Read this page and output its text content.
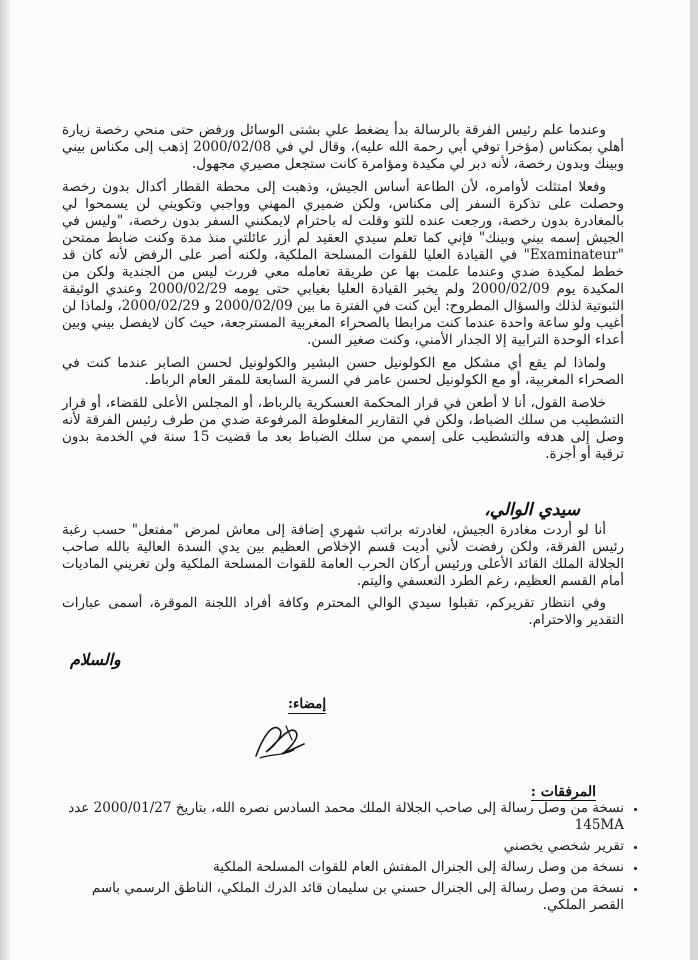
وعندما علم رئيس الفرقة بالرسالة بدأ يضغط علي بشتى الوسائل ورفض حتى منحي رخصة زيارة أهلي بمكناس (مؤخرا توفي أبي رحمة الله عليه)، وقال لي في 2000/02/08 إذهب إلى مكناس بيني وبينك وبدون رخصة، لأنه دبر لي مكيدة ومؤامرة كانت ستجعل مصيري مجهول.

وفعلا امتثلت لأوامره، لأن الطاعة أساس الجيش، وذهبت إلى محطة القطار أكدال بدون رخصة وحصلت على تذكرة السفر إلى مكناس، ولكن ضميري المهني وواجبي وتكويني لن يسمحوا لي بالمغادرة بدون رخصة، ورجعت عنده للتو وقلت له باحترام لايمكنني السفر بدون رخصة، "وليس في الجيش إسمه بيني وبينك" فإني كما تعلم سيدي العقيد لم أزر عائلتي منذ مدة وكنت ضابط ممتحن "Examinateur" في القيادة العليا للقوات المسلحة الملكية، ولكنه أصر على الرفض لأنه كان قد خطط لمكيدة ضدي وعندما علمت بها عن طريقة تعامله معي فررت ليس من الجندية ولكن من المكيدة يوم 2000/02/09 ولم يخبر القيادة العليا بغيابي حتى يومه 2000/02/29 وعندي الوثيقة الثبوتية لذلك والسؤال المطروح: أين كنت في الفترة ما بين 2000/02/09 و 2000/02/29، ولماذا لن أغيب ولو ساعة واحدة عندما كنت مرابطا بالصحراء المغربية المسترجعة، حيث كان لايفصل بيني وبين أعداء الوحدة الترابية إلا الجدار الأمني، وكنت صغير السن.

ولماذا لم يقع أي مشكل مع الكولونيل حسن البشير والكولونيل لحسن الصابر عندما كنت في الصحراء المغربية، أو مع الكولونيل لحسن عامر في السرية السابعة للمقر العام الرباط.

خلاصة القول، أنا لا أطعن في قرار المحكمة العسكرية بالرباط، أو المجلس الأعلى للقضاء، أو قرار التشطيب من سلك الضباط، ولكن في التقارير المغلوطة المرفوعة ضدي من طرف رئيس الفرقة لأنه وصل إلى هدفه والتشطيب على إسمي من سلك الضباط بعد ما قضيت 15 سنة في الخدمة بدون ترقية أو أجرة.

سيدي الوالي،

أنا لو أردت مغادرة الجيش، لغادرته براتب شهري إضافة إلى معاش لمرض "مفتعل" حسب رغبة رئيس الفرقة، ولكن رفضت لأني أديت قسم الإخلاص العظيم بين يدي السدة العالية بالله صاحب الجلالة الملك القائد الأعلى ورئيس أركان الحرب العامة للقوات المسلحة الملكية ولن تغريني الماديات أمام القسم العظيم، رغم الطرد التعسفي واليتم.

وفي انتظار تقريركم، تقبلوا سيدي الوالي المحترم وكافة أفراد اللجنة الموقرة، أسمى عبارات التقدير والاحترام.

والسلام
إمضاء:
المرفقات :
• نسخة من وصل رسالة إلى صاحب الجلالة الملك محمد السادس نصره الله، بتاريخ 2000/01/27 عدد 145MA
• تقرير شخصي يخصني
• نسخة من وصل رسالة إلى الجنرال المفتش العام للقوات المسلحة الملكية
• نسخة من وصل رسالة إلى الجنرال حسني بن سليمان قائد الدرك الملكي، الناطق الرسمي باسم القصر الملكي.
